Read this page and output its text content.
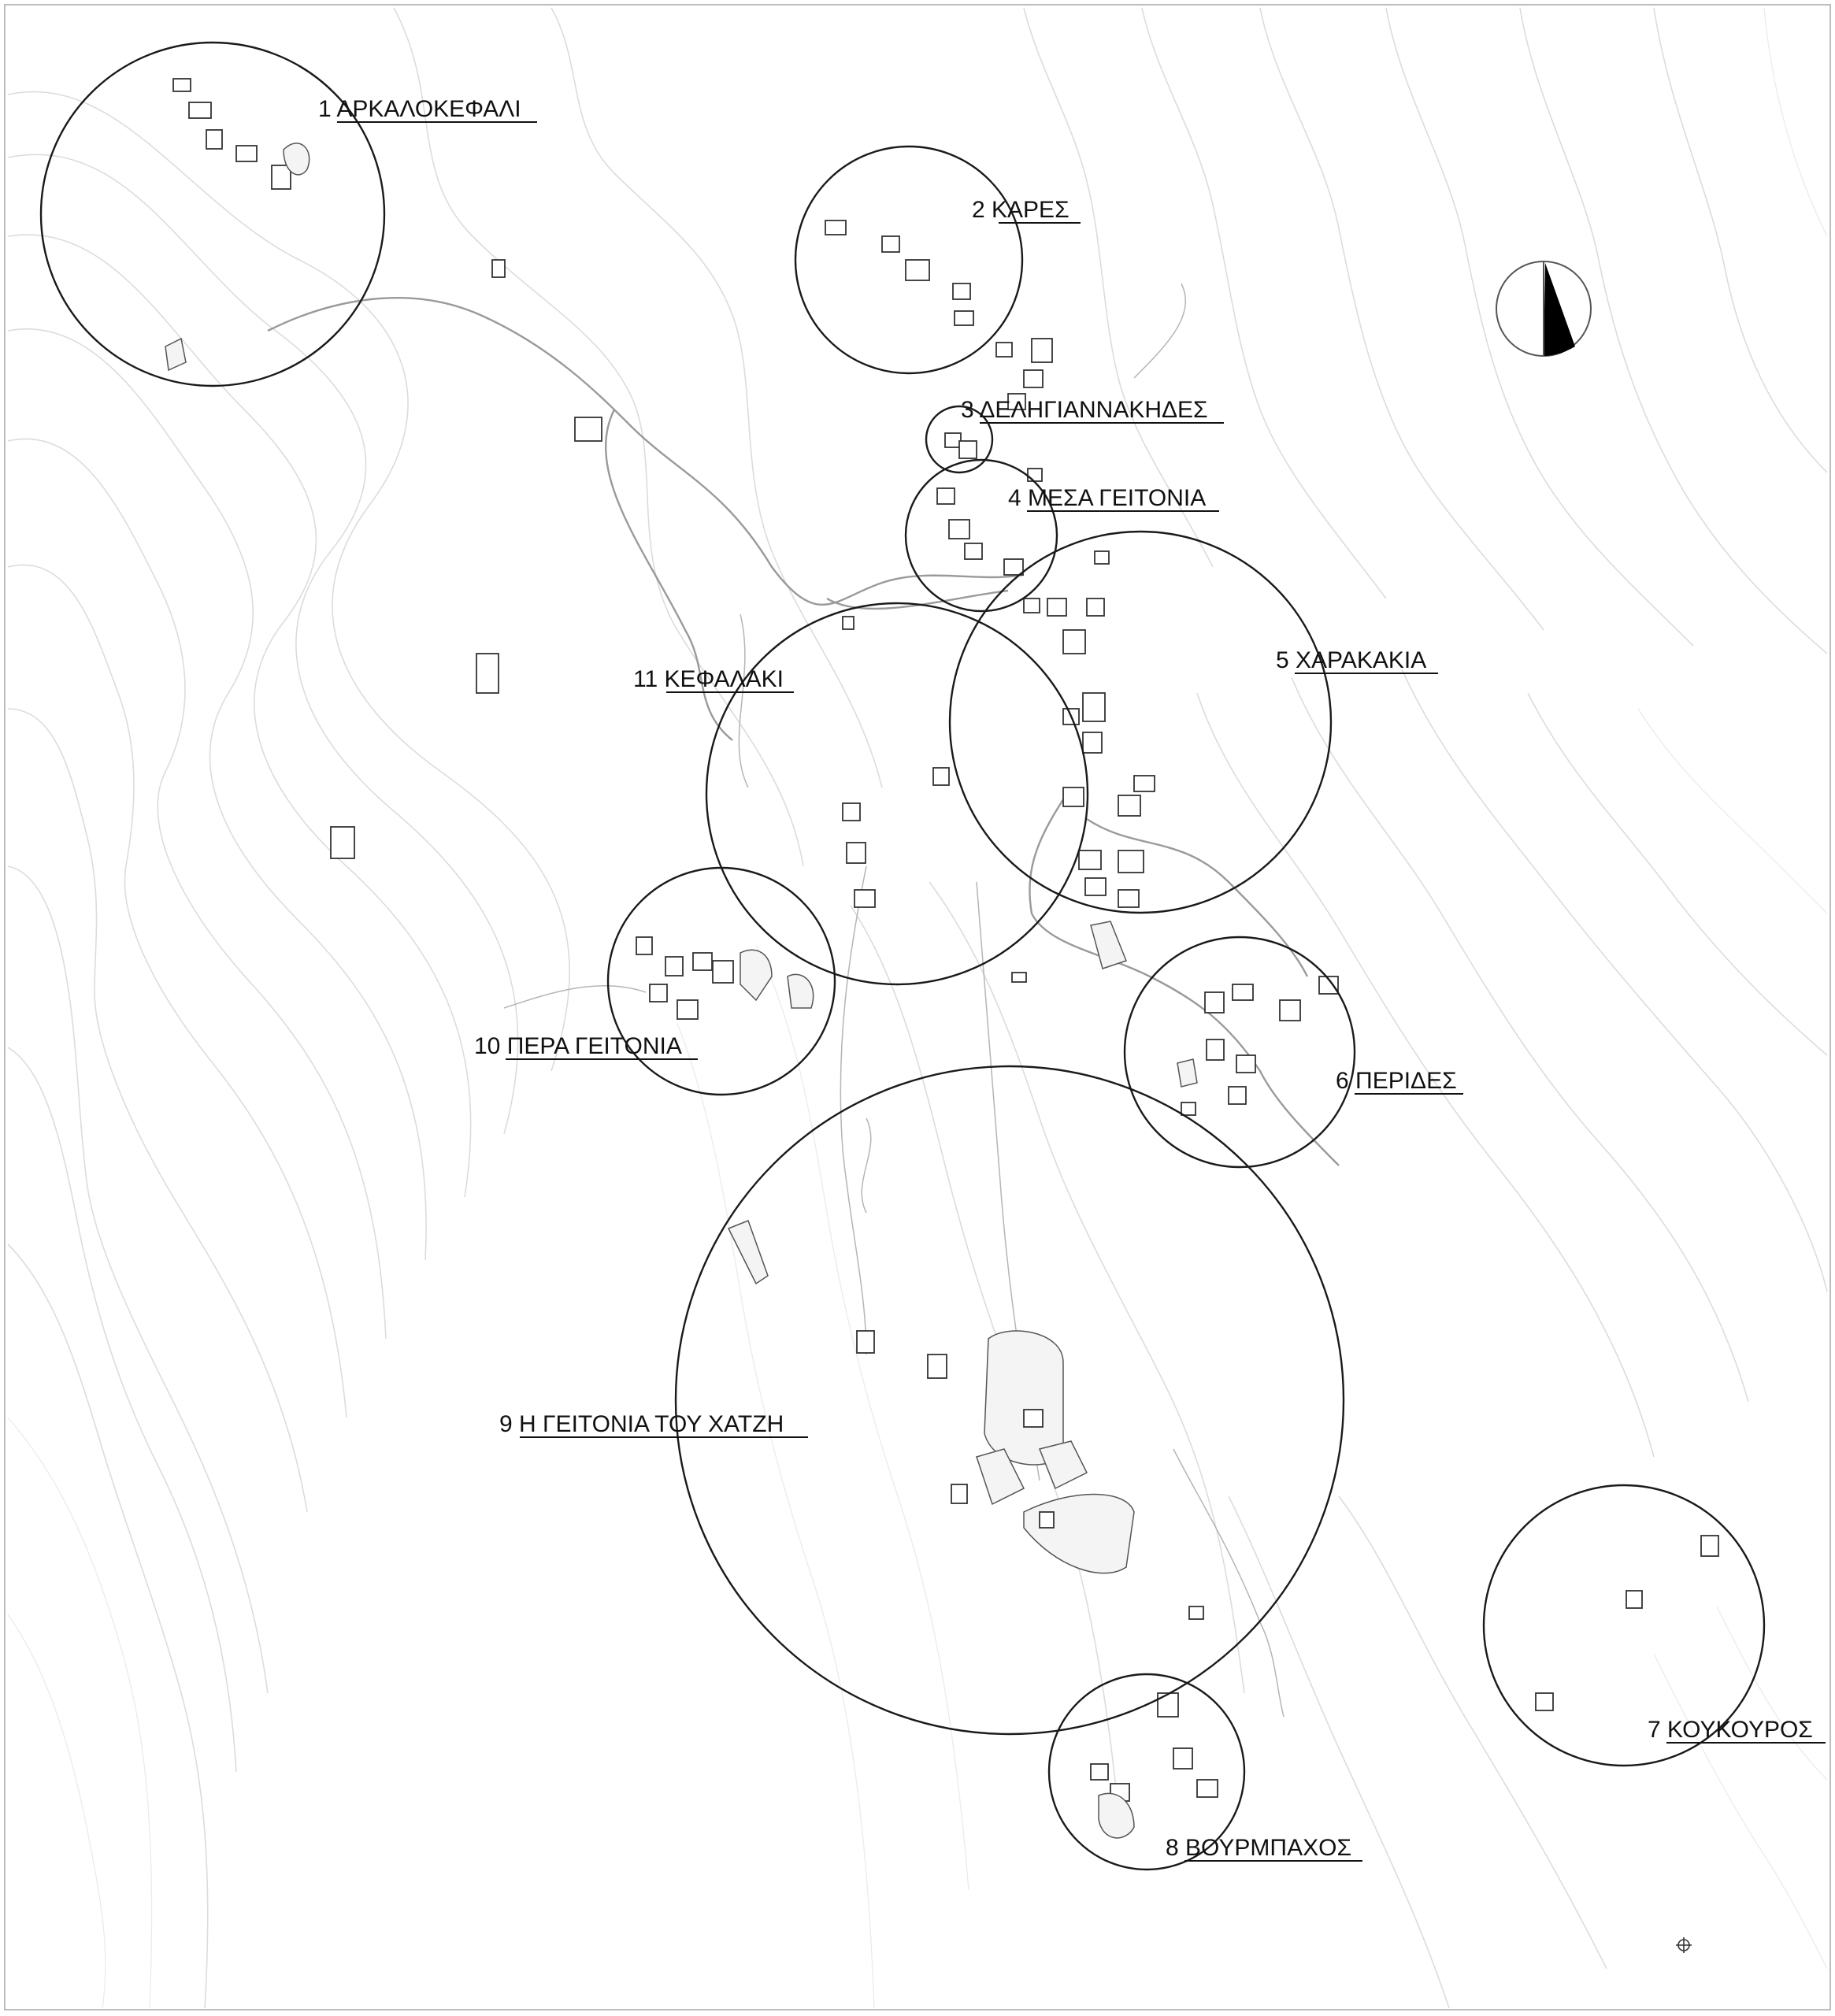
1 ΑΡΚΑΛΟΚΕΦΑΛΙ
2 ΚΑΡΕΣ
3 ΔΕΛΗΓΙΑΝΝΑΚΗΔΕΣ
4 ΜΕΣΑ ΓΕΙΤΟΝΙΑ
5 ΧΑΡΑΚΑΚΙΑ
6 ΠΕΡΙΔΕΣ
7 ΚΟΥΚΟΥΡΟΣ
8 ΒΟΥΡΜΠΑΧΟΣ
9 Η ΓΕΙΤΟΝΙΑ ΤΟΥ ΧΑΤΖΗ
10 ΠΕΡΑ ΓΕΙΤΟΝΙΑ
11 ΚΕΦΑΛΑΚΙ
